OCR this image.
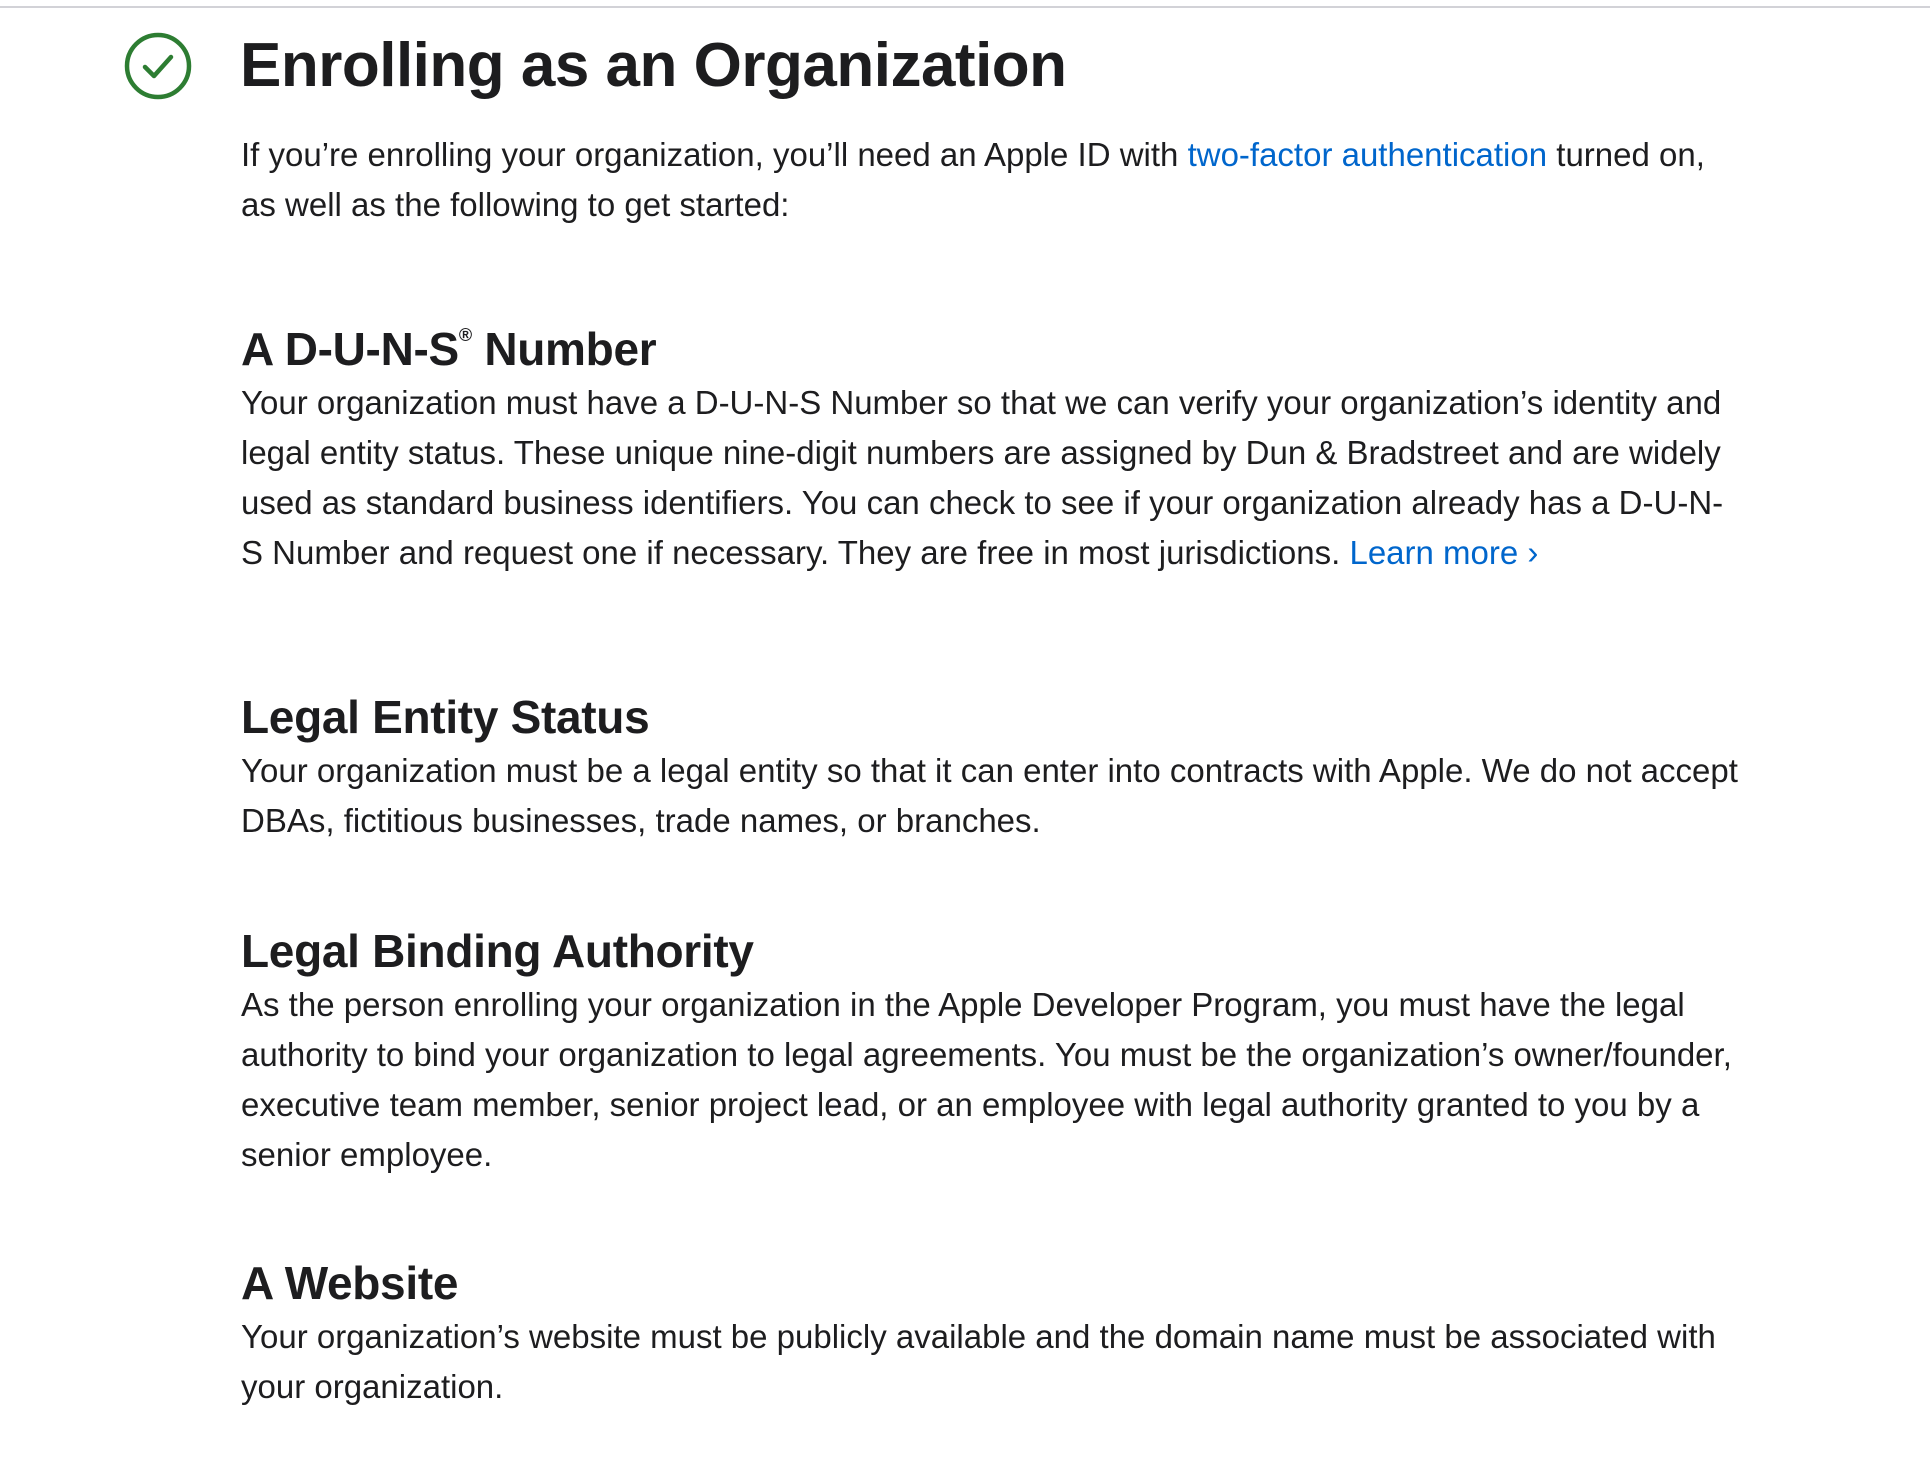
Enrolling as an Organization

If you’re enrolling your organization, you’ll need an Apple ID with two-factor authentication turned on, as well as the following to get started:

A D-U-N-S® Number

Your organization must have a D-U-N-S Number so that we can verify your organization’s identity and legal entity status. These unique nine-digit numbers are assigned by Dun & Bradstreet and are widely used as standard business identifiers. You can check to see if your organization already has a D-U-N-S Number and request one if necessary. They are free in most jurisdictions. Learn more ›

Legal Entity Status

Your organization must be a legal entity so that it can enter into contracts with Apple. We do not accept DBAs, fictitious businesses, trade names, or branches.

Legal Binding Authority

As the person enrolling your organization in the Apple Developer Program, you must have the legal authority to bind your organization to legal agreements. You must be the organization’s owner/founder, executive team member, senior project lead, or an employee with legal authority granted to you by a senior employee.

A Website

Your organization’s website must be publicly available and the domain name must be associated with your organization.
